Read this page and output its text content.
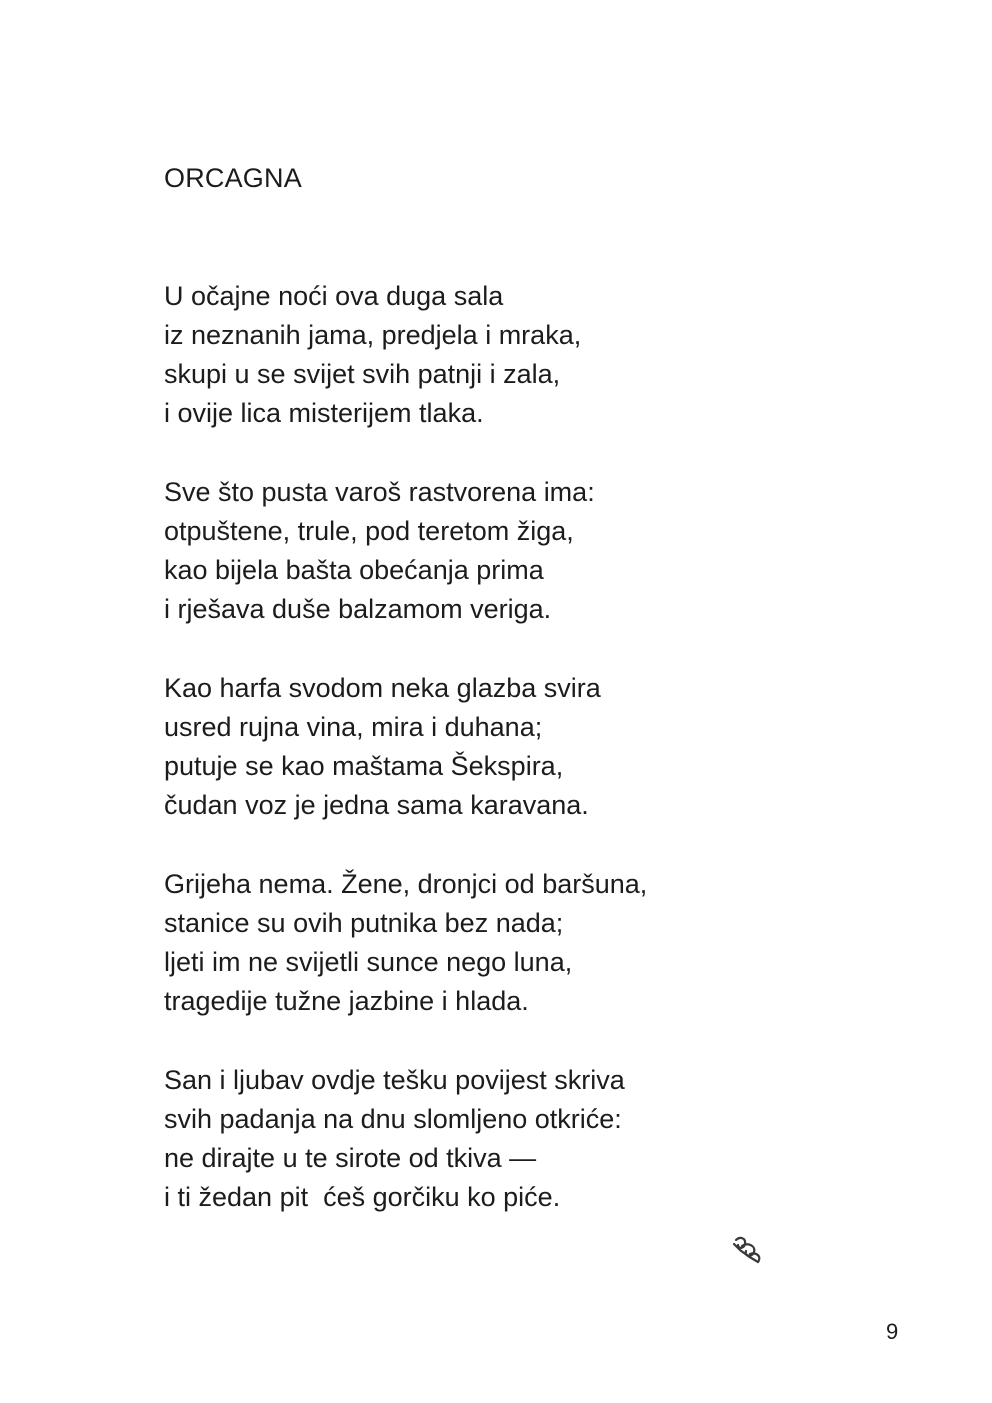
ORCAGNA
U očajne noći ova duga sala
iz neznanih jama, predjela i mraka,
skupi u se svijet svih patnji i zala,
i ovije lica misterijem tlaka.
Sve što pusta varoš rastvorena ima:
otpuštene, trule, pod teretom žiga,
kao bijela bašta obećanja prima
i rješava duše balzamom veriga.
Kao harfa svodom neka glazba svira
usred rujna vina, mira i duhana;
putuje se kao maštama Šekspira,
čudan voz je jedna sama karavana.
Grijeha nema. Žene, dronjci od baršuna,
stanice su ovih putnika bez nada;
ljeti im ne svijetli sunce nego luna,
tragedije tužne jazbine i hlada.
San i ljubav ovdje tešku povijest skriva
svih padanja na dnu slomljeno otkriće:
ne dirajte u te sirote od tkiva —
i ti žedan pit  ćeš gorčiku ko piće.
9
